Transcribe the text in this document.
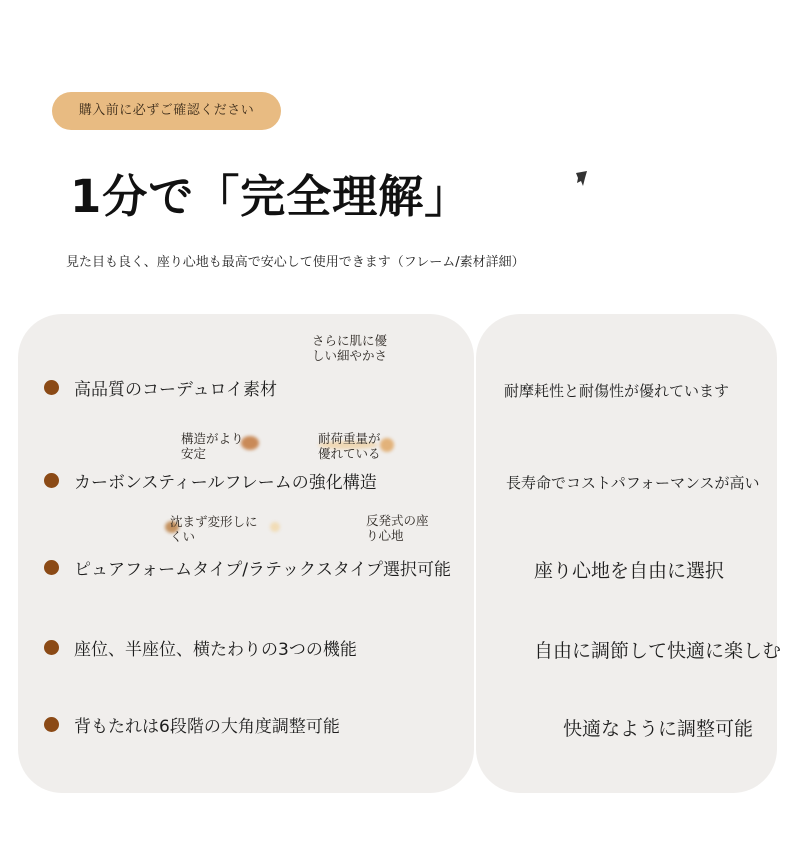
購入前に必ずご確認ください
1分で「完全理解」
見た目も良く、座り心地も最高で安心して使用できます（フレーム/素材詳細）
さらに肌に優
しい細やかさ
構造がより
安定
耐荷重量が
優れている
沈まず変形しに
くい
反発式の座
り心地
高品質のコーデュロイ素材
カーボンスティールフレームの強化構造
ピュアフォームタイプ/ラテックスタイプ選択可能
座位、半座位、横たわりの3つの機能
背もたれは6段階の大角度調整可能
耐摩耗性と耐傷性が優れています
長寿命でコストパフォーマンスが高い
座り心地を自由に選択
自由に調節して快適に楽しむ
快適なように調整可能
